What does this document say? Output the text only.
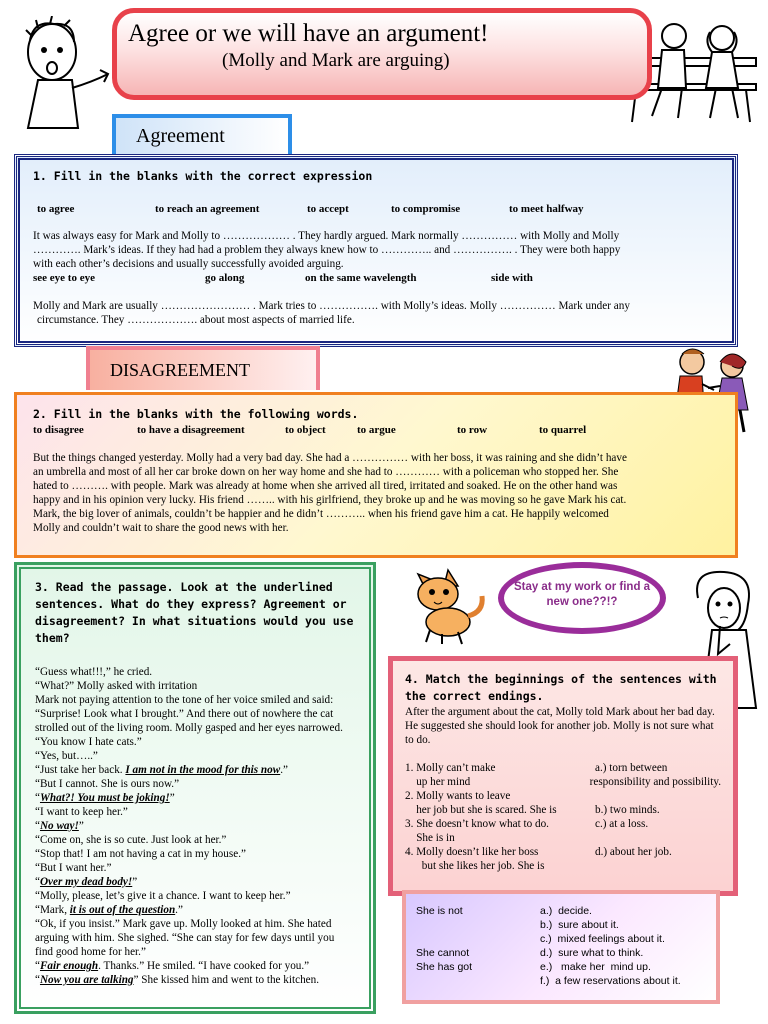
Agree or we will have an argument!
(Molly and Mark are arguing)
Agreement

1. Fill in the blanks with the correct expression

to agree	to reach an agreement	to accept	to compromise	to meet halfway

It was always easy for Mark and Molly to ……………… . They hardly argued. Mark normally …………… with Molly and Molly

…………. Mark’s ideas. If they had had a problem they always knew how to ………….. and ……………. . They were both happy

with each other’s decisions and usually successfully avoided arguing.

see eye to eye	go along	on the same wavelength	side with

Molly and Mark are usually …………………… . Mark tries to ……………. with Molly’s ideas. Molly …………… Mark under any

circumstance. They ………………. about most aspects of married life.

DISAGREEMENT

2. Fill in the blanks with the following words.

to disagree	to have a disagreement	to object	to argue	to row	to quarrel

But the things changed yesterday. Molly had a very bad day. She had a …………… with her boss, it was raining and she didn’t have

an umbrella and most of all her car broke down on her way home and she had to ………… with a policeman who stopped her. She

hated to ………. with people. Mark was already at home when she arrived all tired, irritated and soaked. He on the other hand was

happy and in his opinion very lucky. His friend …….. with his girlfriend, they broke up and he was moving so he gave Mark his cat.

Mark, the big lover of animals, couldn’t be happier and he didn’t ……….. when his friend gave him a cat. He happily welcomed

Molly and couldn’t wait to share the good news with her.

3. Read the passage. Look at the underlined sentences. What do they express? Agreement or disagreement? In what situations would you use them?

“Guess what!!!,” he cried.

“What?” Molly asked with irritation

Mark not paying attention to the tone of her voice smiled and said: “Surprise! Look what I brought.” And there out of nowhere the cat strolled out of the living room. Molly gasped and her eyes narrowed. “You know I hate cats.”

“Yes, but…..”

“Just take her back. I am not in the mood for this now.”

“But I cannot. She is ours now.”

“What?! You must be joking!”

“I want to keep her.”

“No way!”

“Come on, she is so cute. Just look at her.”

“Stop that! I am not having a cat in my house.”

“But I want her.”

“Over my dead body!”

“Molly, please, let’s give it a chance. I want to keep her.”

“Mark, it is out of the question.”

“Ok, if you insist.” Mark gave up. Molly looked at him. She hated arguing with him. She sighed. “She can stay for few days until you find good home for her.”

“Fair enough. Thanks.” He smiled. “I have cooked for you.”

“Now you are talking” She kissed him and went to the kitchen.

Stay at my work or find a new one??!?

4. Match the beginnings of the sentences with the correct endings.

After the argument about the cat, Molly told Mark about her bad day. He suggested she should look for another job. Molly is not sure what to do.

1. Molly can’t make	a.) torn between
up her mind	responsibility and possibility.
2. Molly wants to leave
her job but she is scared. She is	b.) two minds.
3. She doesn’t know what to do.	c.) at a loss.
She is in
4. Molly doesn’t like her boss	d.) about her job.
but she likes her job. She is
She is not	a.)  decide.
b.)  sure about it.
c.)  mixed feelings about it.
She cannot	d.)  sure what to think.
She has got	e.)   make her  mind up.
f.)  a few reservations about it.
